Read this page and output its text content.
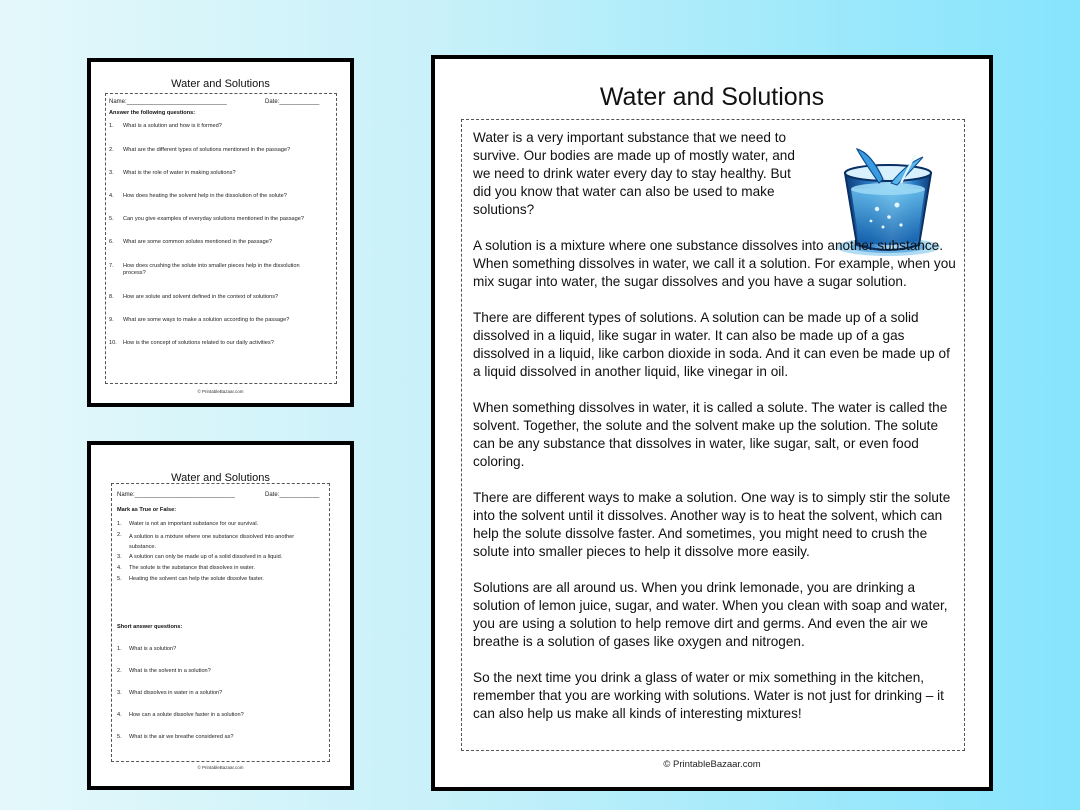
Water and Solutions
Name:______________________________	Date:____________
Answer the following questions:
1. What is a solution and how is it formed?
2. What are the different types of solutions mentioned in the passage?
3. What is the role of water in making solutions?
4. How does heating the solvent help in the dissolution of the solute?
5. Can you give examples of everyday solutions mentioned in the passage?
6. What are some common solutes mentioned in the passage?
7. How does crushing the solute into smaller pieces help in the dissolution process?
8. How are solute and solvent defined in the context of solutions?
9. What are some ways to make a solution according to the passage?
10. How is the concept of solutions related to our daily activities?
© PrintableBazaar.com
Water and Solutions
Name:______________________________	Date:____________
Mark as True or False:
1. Water is not an important substance for our survival.
2. A solution is a mixture where one substance dissolved into another substance.
3. A solution can only be made up of a solid dissolved in a liquid.
4. The solute is the substance that dissolves in water.
5. Heating the solvent can help the solute dissolve faster.
Short answer questions:
1. What is a solution?
2. What is the solvent in a solution?
3. What dissolves in water in a solution?
4. How can a solute dissolve faster in a solution?
5. What is the air we breathe considered as?
© PrintableBazaar.com
Water and Solutions

Water is a very important substance that we need to survive. Our bodies are made up of mostly water, and we need to drink water every day to stay healthy. But did you know that water can also be used to make solutions?

A solution is a mixture where one substance dissolves into another substance. When something dissolves in water, we call it a solution. For example, when you mix sugar into water, the sugar dissolves and you have a sugar solution.

There are different types of solutions. A solution can be made up of a solid dissolved in a liquid, like sugar in water. It can also be made up of a gas dissolved in a liquid, like carbon dioxide in soda. And it can even be made up of a liquid dissolved in another liquid, like vinegar in oil.

When something dissolves in water, it is called a solute. The water is called the solvent. Together, the solute and the solvent make up the solution. The solute can be any substance that dissolves in water, like sugar, salt, or even food coloring.

There are different ways to make a solution. One way is to simply stir the solute into the solvent until it dissolves. Another way is to heat the solvent, which can help the solute dissolve faster. And sometimes, you might need to crush the solute into smaller pieces to help it dissolve more easily.

Solutions are all around us. When you drink lemonade, you are drinking a solution of lemon juice, sugar, and water. When you clean with soap and water, you are using a solution to help remove dirt and germs. And even the air we breathe is a solution of gases like oxygen and nitrogen.

So the next time you drink a glass of water or mix something in the kitchen, remember that you are working with solutions. Water is not just for drinking – it can also help us make all kinds of interesting mixtures!

© PrintableBazaar.com
